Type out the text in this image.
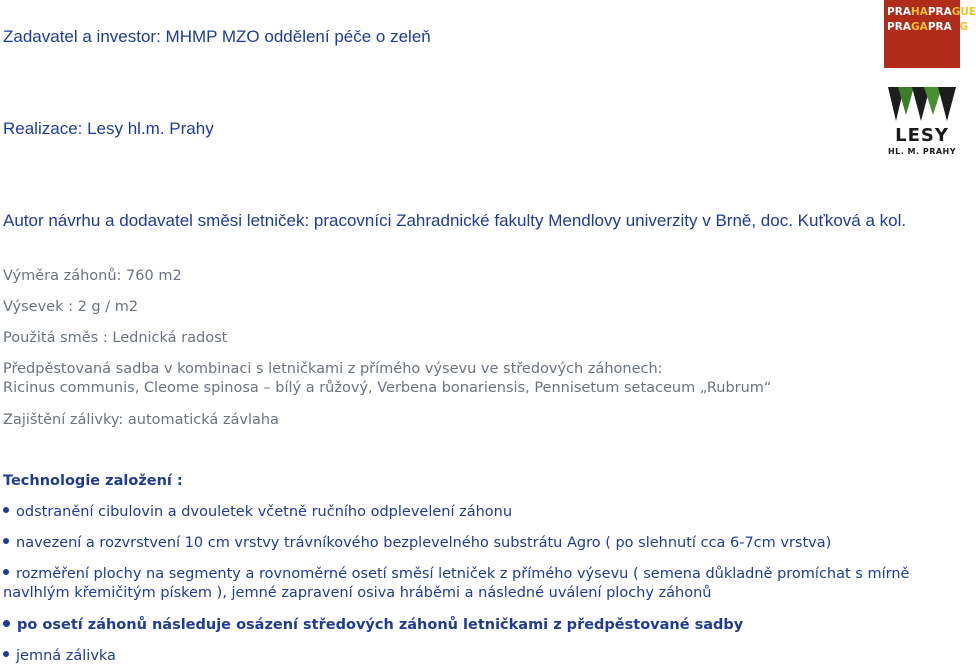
Zadavatel a investor: MHMP MZO oddělení péče o zeleň
Realizace: Lesy hl.m. Prahy
Autor návrhu a dodavatel směsi letniček: pracovníci Zahradnické fakulty Mendlovy univerzity v Brně, doc. Kuťková a kol.
Výměra záhonů: 760 m2
Výsevek : 2 g / m2
Použitá směs : Lednická radost
Předpěstovaná sadba v kombinaci s letničkami z přímého výsevu ve středových záhonech:
Ricinus communis, Cleome spinosa – bílý a růžový, Verbena bonariensis, Pennisetum setaceum „Rubrum“
Zajištění zálivky: automatická závlaha
Technologie založení :
odstranění cibulovin a dvouletek včetně ručního odplevelení záhonu
navezení a rozvrstvení 10 cm vrstvy trávníkového bezplevelného substrátu Agro ( po slehnutí cca 6-7cm vrstva)
rozměření plochy na segmenty a rovnoměrné osetí směsí letniček z přímého výsevu ( semena důkladně promíchat s mírně
navlhlým křemičitým pískem ), jemné zapravení osiva hráběmi a následné uválení plochy záhonů
po osetí záhonů následuje osázení středových záhonů letničkami z předpěstované sadby
jemná zálivka
PRA HA PRA GUE
PRA GA PRA G
LESY
HL. M. PRAHY
